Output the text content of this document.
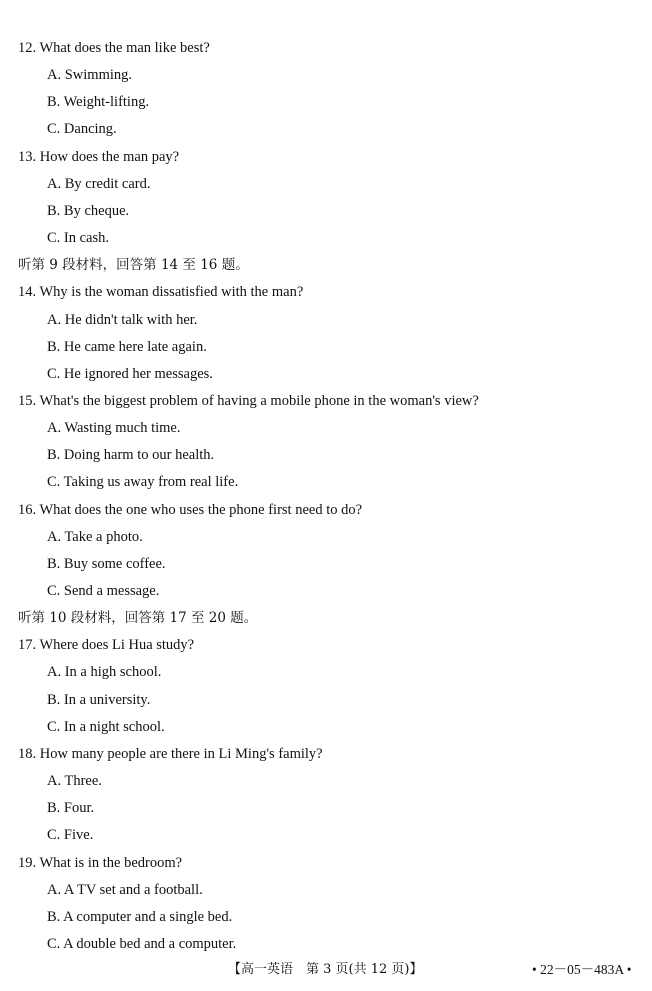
12. What does the man like best?
A. Swimming.
B. Weight-lifting.
C. Dancing.
13. How does the man pay?
A. By credit card.
B. By cheque.
C. In cash.
听第 9 段材料，回答第 14 至 16 题。
14. Why is the woman dissatisfied with the man?
A. He didn't talk with her.
B. He came here late again.
C. He ignored her messages.
15. What's the biggest problem of having a mobile phone in the woman's view?
A. Wasting much time.
B. Doing harm to our health.
C. Taking us away from real life.
16. What does the one who uses the phone first need to do?
A. Take a photo.
B. Buy some coffee.
C. Send a message.
听第 10 段材料，回答第 17 至 20 题。
17. Where does Li Hua study?
A. In a high school.
B. In a university.
C. In a night school.
18. How many people are there in Li Ming's family?
A. Three.
B. Four.
C. Five.
19. What is in the bedroom?
A. A TV set and a football.
B. A computer and a single bed.
C. A double bed and a computer.
【高一英语　第 3 页(共 12 页)】	• 22－05－483A •
